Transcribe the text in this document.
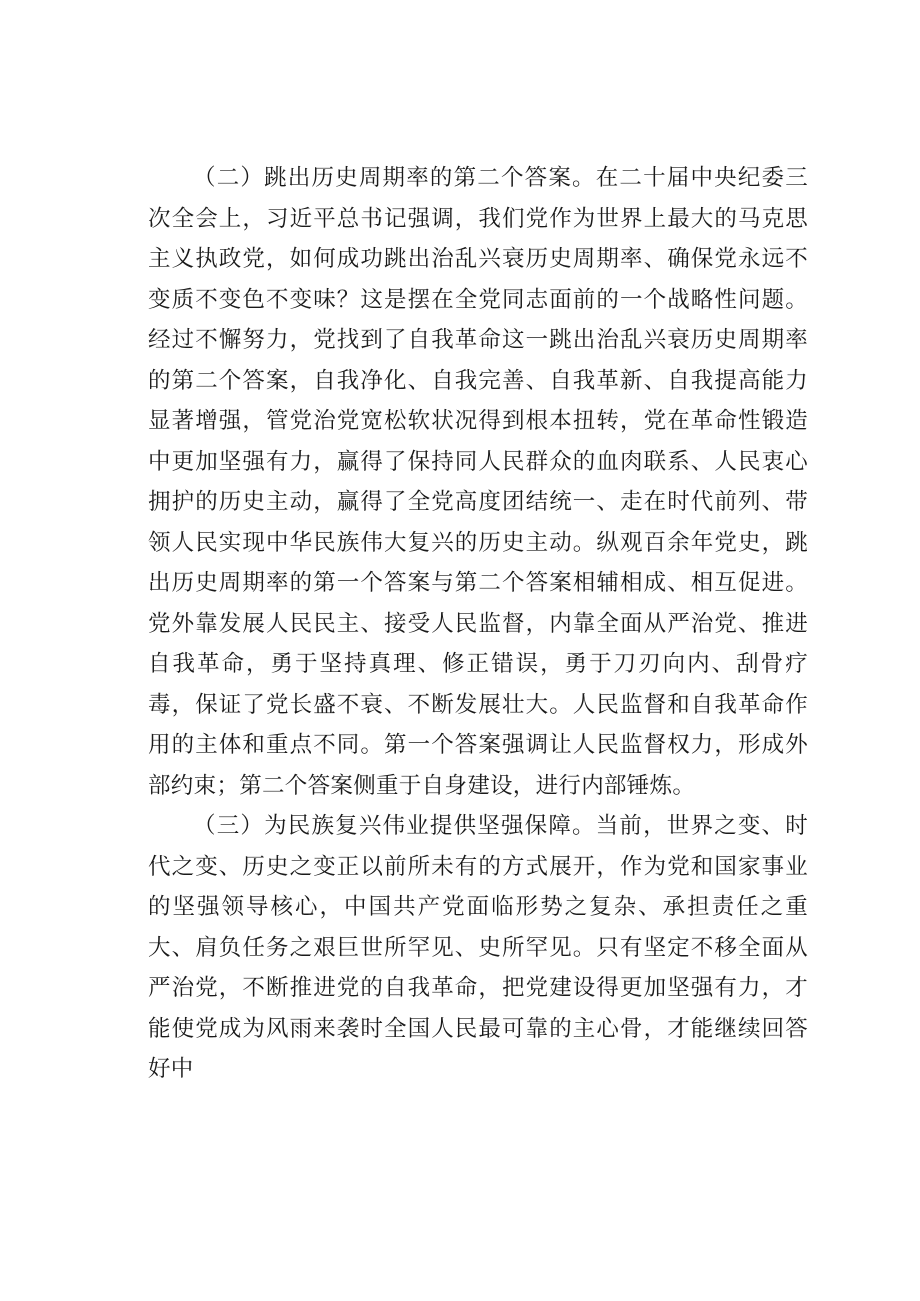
（二）跳出历史周期率的第二个答案。在二十届中央纪委三次全会上，习近平总书记强调，我们党作为世界上最大的马克思主义执政党，如何成功跳出治乱兴衰历史周期率、确保党永远不变质不变色不变味？这是摆在全党同志面前的一个战略性问题。经过不懈努力，党找到了自我革命这一跳出治乱兴衰历史周期率的第二个答案，自我净化、自我完善、自我革新、自我提高能力显著增强，管党治党宽松软状况得到根本扭转，党在革命性锻造中更加坚强有力，赢得了保持同人民群众的血肉联系、人民衷心拥护的历史主动，赢得了全党高度团结统一、走在时代前列、带领人民实现中华民族伟大复兴的历史主动。纵观百余年党史，跳出历史周期率的第一个答案与第二个答案相辅相成、相互促进。党外靠发展人民民主、接受人民监督，内靠全面从严治党、推进自我革命，勇于坚持真理、修正错误，勇于刀刃向内、刮骨疗毒，保证了党长盛不衰、不断发展壮大。人民监督和自我革命作用的主体和重点不同。第一个答案强调让人民监督权力，形成外部约束；第二个答案侧重于自身建设，进行内部锤炼。

（三）为民族复兴伟业提供坚强保障。当前，世界之变、时代之变、历史之变正以前所未有的方式展开，作为党和国家事业的坚强领导核心，中国共产党面临形势之复杂、承担责任之重大、肩负任务之艰巨世所罕见、史所罕见。只有坚定不移全面从严治党，不断推进党的自我革命，把党建设得更加坚强有力，才能使党成为风雨来袭时全国人民最可靠的主心骨，才能继续回答好中
